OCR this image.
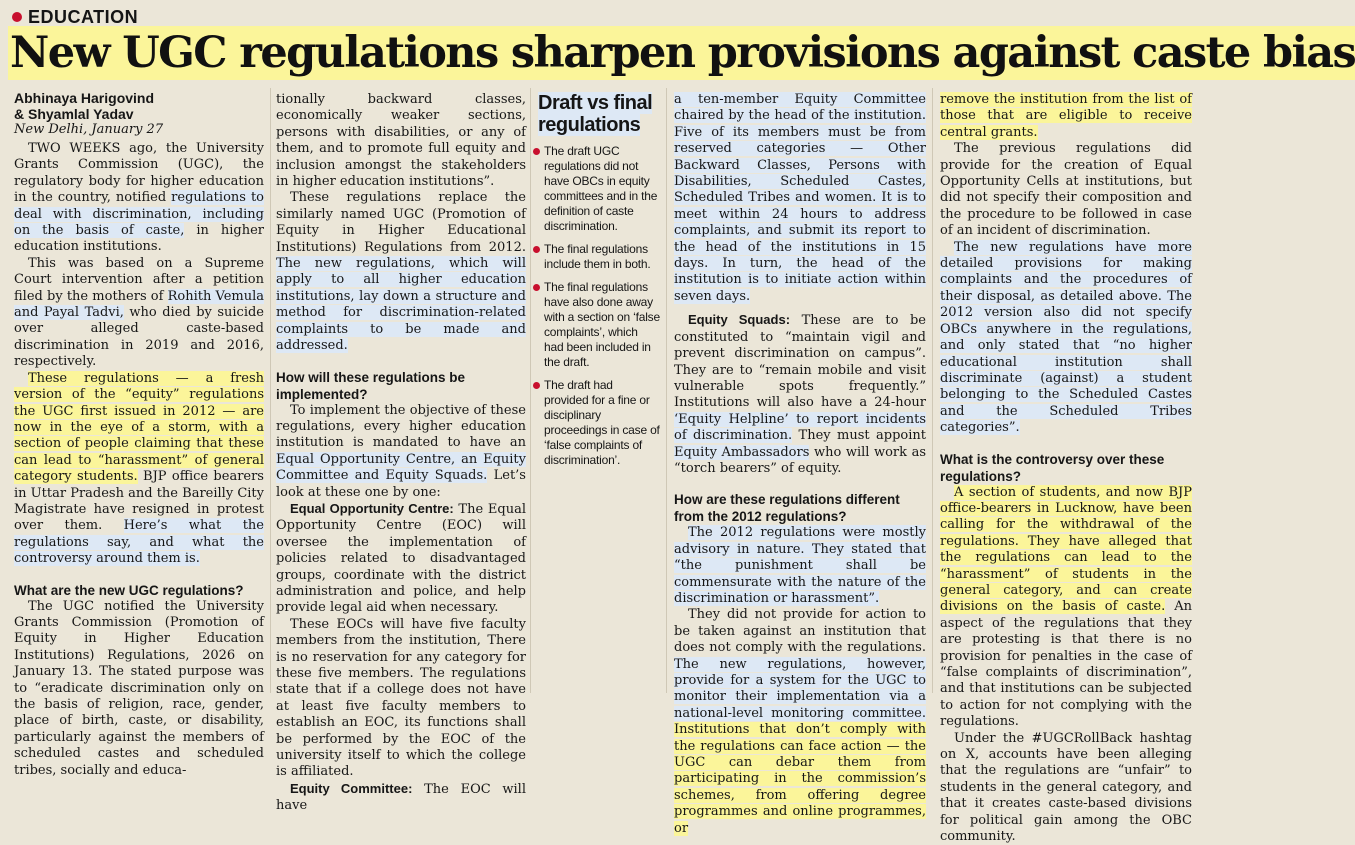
EDUCATION
New UGC regulations sharpen provisions against caste bias

Abhinaya Harigovind

& Shyamlal Yadav

New Delhi, January 27

TWO WEEKS ago, the University Grants Commission (UGC), the regulatory body for higher education in the country, notified regulations to deal with discrimination, including on the basis of caste, in higher education institutions.

This was based on a Supreme Court intervention after a petition filed by the mothers of Rohith Vemula and Payal Tadvi, who died by suicide over alleged caste-based discrimination in 2019 and 2016, respectively.

These regulations — a fresh version of the “equity” regulations the UGC first issued in 2012 — are now in the eye of a storm, with a section of people claiming that these can lead to “harassment” of general category students. BJP office bearers in Uttar Pradesh and the Bareilly City Magistrate have resigned in protest over them. Here’s what the regulations say, and what the controversy around them is.

What are the new UGC regulations?

The UGC notified the University Grants Commission (Promotion of Equity in Higher Education Institutions) Regulations, 2026 on January 13. The stated purpose was to “eradicate discrimination only on the basis of religion, race, gender, place of birth, caste, or disability, particularly against the members of scheduled castes and scheduled tribes, socially and educa-

tionally backward classes, economically weaker sections, persons with disabilities, or any of them, and to promote full equity and inclusion amongst the stakeholders in higher education institutions”.

These regulations replace the similarly named UGC (Promotion of Equity in Higher Educational Institutions) Regulations from 2012. The new regulations, which will apply to all higher education institutions, lay down a structure and method for discrimination-related complaints to be made and addressed.

How will these regulations be implemented?

To implement the objective of these regulations, every higher education institution is mandated to have an Equal Opportunity Centre, an Equity Committee and Equity Squads. Let’s look at these one by one:

Equal Opportunity Centre: The Equal Opportunity Centre (EOC) will oversee the implementation of policies related to disadvantaged groups, coordinate with the district administration and police, and help provide legal aid when necessary.

These EOCs will have five faculty members from the institution, There is no reservation for any category for these five members. The regulations state that if a college does not have at least five faculty members to establish an EOC, its functions shall be performed by the EOC of the university itself to which the college is affiliated.

Equity Committee: The EOC will have

Draft vs final regulations

The draft UGC regulations did not have OBCs in equity committees and in the definition of caste discrimination.
The final regulations include them in both.
The final regulations have also done away with a section on ‘false complaints’, which had been included in the draft.
The draft had provided for a fine or disciplinary proceedings in case of ‘false complaints of discrimination’.

a ten-member Equity Committee chaired by the head of the institution. Five of its members must be from reserved categories — Other Backward Classes, Persons with Disabilities, Scheduled Castes, Scheduled Tribes and women. It is to meet within 24 hours to address complaints, and submit its report to the head of the institutions in 15 days. In turn, the head of the institution is to initiate action within seven days.

Equity Squads: These are to be constituted to “maintain vigil and prevent discrimination on campus”. They are to “remain mobile and visit vulnerable spots frequently.” Institutions will also have a 24-hour ‘Equity Helpline’ to report incidents of discrimination. They must appoint Equity Ambassadors who will work as “torch bearers” of equity.

How are these regulations different from the 2012 regulations?

The 2012 regulations were mostly advisory in nature. They stated that “the punishment shall be commensurate with the nature of the discrimination or harassment”.

They did not provide for action to be taken against an institution that does not comply with the regulations. The new regulations, however, provide for a system for the UGC to monitor their implementation via a national-level monitoring committee. Institutions that don’t comply with the regulations can face action — the UGC can debar them from participating in the commission’s schemes, from offering degree programmes and online programmes, or

remove the institution from the list of those that are eligible to receive central grants.

The previous regulations did provide for the creation of Equal Opportunity Cells at institutions, but did not specify their composition and the procedure to be followed in case of an incident of discrimination.

The new regulations have more detailed provisions for making complaints and the procedures of their disposal, as detailed above. The 2012 version also did not specify OBCs anywhere in the regulations, and only stated that “no higher educational institution shall discriminate (against) a student belonging to the Scheduled Castes and the Scheduled Tribes categories”.

What is the controversy over these regulations?

A section of students, and now BJP office-bearers in Lucknow, have been calling for the withdrawal of the regulations. They have alleged that the regulations can lead to the “harassment” of students in the general category, and can create divisions on the basis of caste. An aspect of the regulations that they are protesting is that there is no provision for penalties in the case of “false complaints of discrimination”, and that institutions can be subjected to action for not complying with the regulations.

Under the #UGCRollBack hashtag on X, accounts have been alleging that the regulations are “unfair” to students in the general category, and that it creates caste-based divisions for political gain among the OBC community.
